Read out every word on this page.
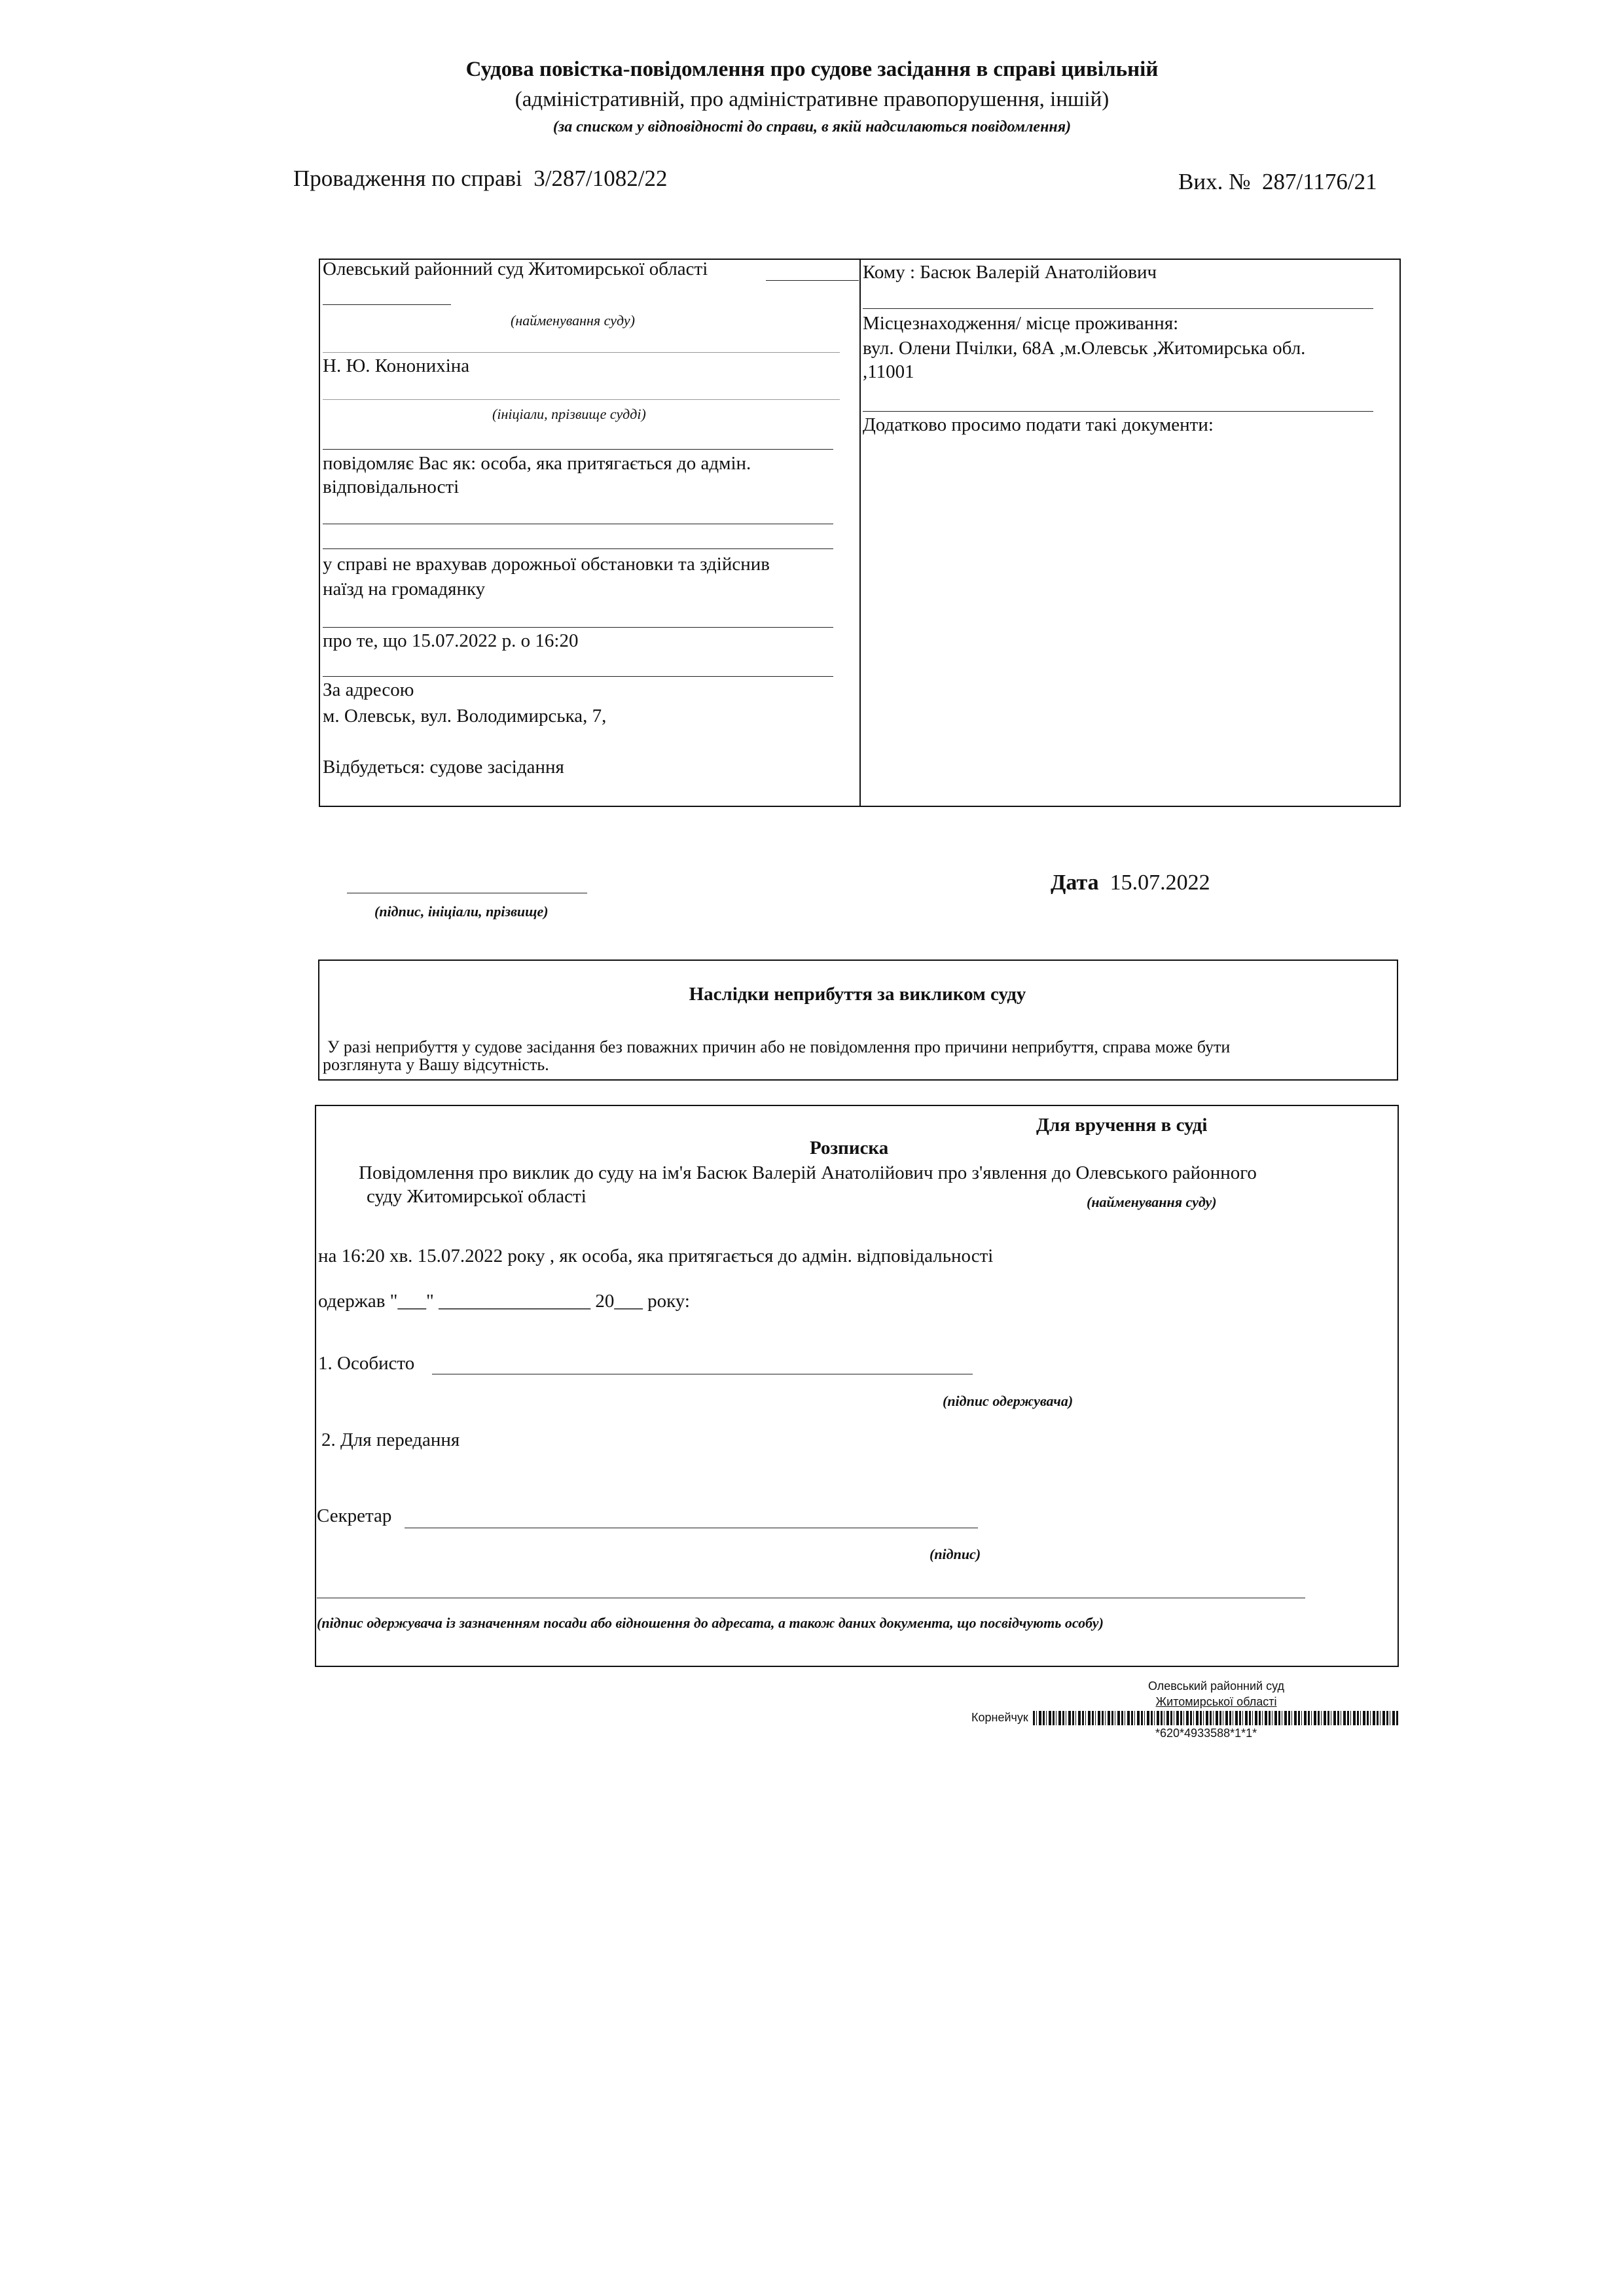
Судова повістка-повідомлення про судове засідання в справі цивільній
(адміністративній, про адміністративне правопорушення, іншій)
(за списком у відповідності до справи, в якій надсилаються повідомлення)
Провадження по справі 3/287/1082/22	Вих. № 287/1176/21
Олевський районний суд Житомирської області
(найменування суду)
Н. Ю. Кононихіна
(ініціали, прізвище судді)
повідомляє Вас як: особа, яка притягається до адмін.
відповідальності
у справі не врахував дорожньої обстановки та здійснив
наїзд на громадянку
про те, що 15.07.2022 р. о 16:20
За адресою
м. Олевськ, вул. Володимирська, 7,
Відбудеться: судове засідання
Кому : Басюк Валерій Анатолійович
Місцезнаходження/ місце проживання:
вул. Олени Пчілки, 68А ,м.Олевськ ,Житомирська обл.
,11001
Додатково просимо подати такі документи:
(підпис, ініціали, прізвище)
Дата 15.07.2022
Наслідки неприбуття за викликом суду
У разі неприбуття у судове засідання без поважних причин або не повідомлення про причини неприбуття, справа може бути
розглянута у Вашу відсутність.
Для вручення в суді
Розписка
Повідомлення про виклик до суду на ім'я Басюк Валерій Анатолійович про з'явлення до Олевського районного
суду Житомирської області	(найменування суду)
на 16:20 хв. 15.07.2022 року , як особа, яка притягається до адмін. відповідальності
одержав "___" ________________ 20___ року:
1. Особисто
(підпис одержувача)
2. Для передання
Секретар
(підпис)
(підпис одержувача із зазначенням посади або відношення до адресата, а також даних документа, що посвідчують особу)
Олевський районний суд
Житомирської області
Корнейчук
*620*4933588*1*1*
